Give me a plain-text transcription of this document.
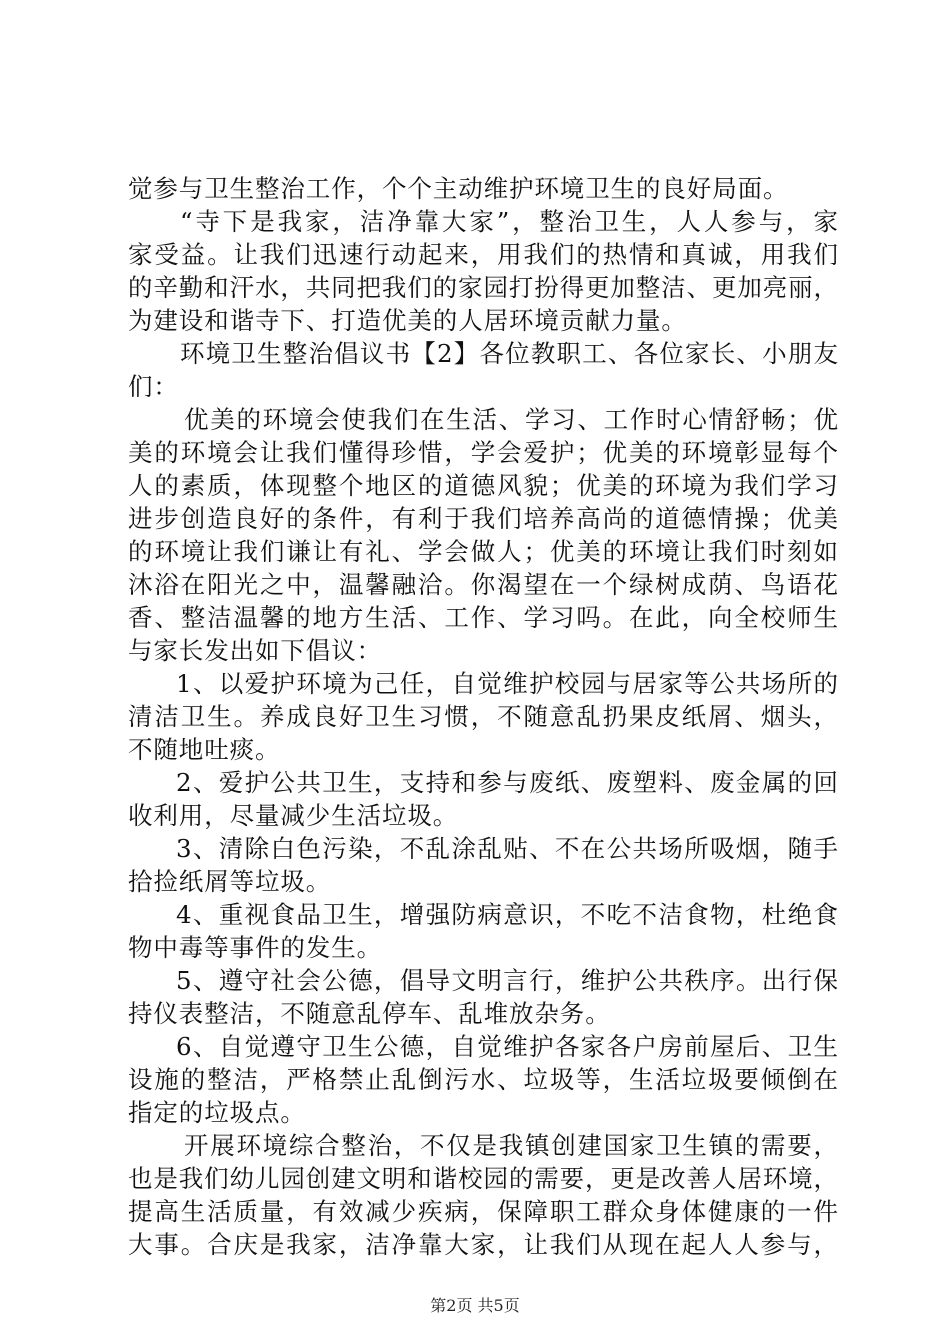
觉参与卫生整治工作，个个主动维护环境卫生的良好局面。
“寺下是我家，洁净靠大家”，整治卫生，人人参与，家
家受益。让我们迅速行动起来，用我们的热情和真诚，用我们
的辛勤和汗水，共同把我们的家园打扮得更加整洁、更加亮丽，
为建设和谐寺下、打造优美的人居环境贡献力量。
环境卫生整治倡议书【2】各位教职工、各位家长、小朋友
们：
优美的环境会使我们在生活、学习、工作时心情舒畅；优
美的环境会让我们懂得珍惜，学会爱护；优美的环境彰显每个
人的素质，体现整个地区的道德风貌；优美的环境为我们学习
进步创造良好的条件，有利于我们培养高尚的道德情操；优美
的环境让我们谦让有礼、学会做人；优美的环境让我们时刻如
沐浴在阳光之中，温馨融洽。你渴望在一个绿树成荫、鸟语花
香、整洁温馨的地方生活、工作、学习吗。在此，向全校师生
与家长发出如下倡议：
1、以爱护环境为己任，自觉维护校园与居家等公共场所的
清洁卫生。养成良好卫生习惯，不随意乱扔果皮纸屑、烟头，
不随地吐痰。
2、爱护公共卫生，支持和参与废纸、废塑料、废金属的回
收利用，尽量减少生活垃圾。
3、清除白色污染，不乱涂乱贴、不在公共场所吸烟，随手
拾捡纸屑等垃圾。
4、重视食品卫生，增强防病意识，不吃不洁食物，杜绝食
物中毒等事件的发生。
5、遵守社会公德，倡导文明言行，维护公共秩序。出行保
持仪表整洁，不随意乱停车、乱堆放杂务。
6、自觉遵守卫生公德，自觉维护各家各户房前屋后、卫生
设施的整洁，严格禁止乱倒污水、垃圾等，生活垃圾要倾倒在
指定的垃圾点。
开展环境综合整治，不仅是我镇创建国家卫生镇的需要，
也是我们幼儿园创建文明和谐校园的需要，更是改善人居环境，
提高生活质量，有效减少疾病，保障职工群众身体健康的一件
大事。合庆是我家，洁净靠大家，让我们从现在起人人参与，
第2页 共5页
